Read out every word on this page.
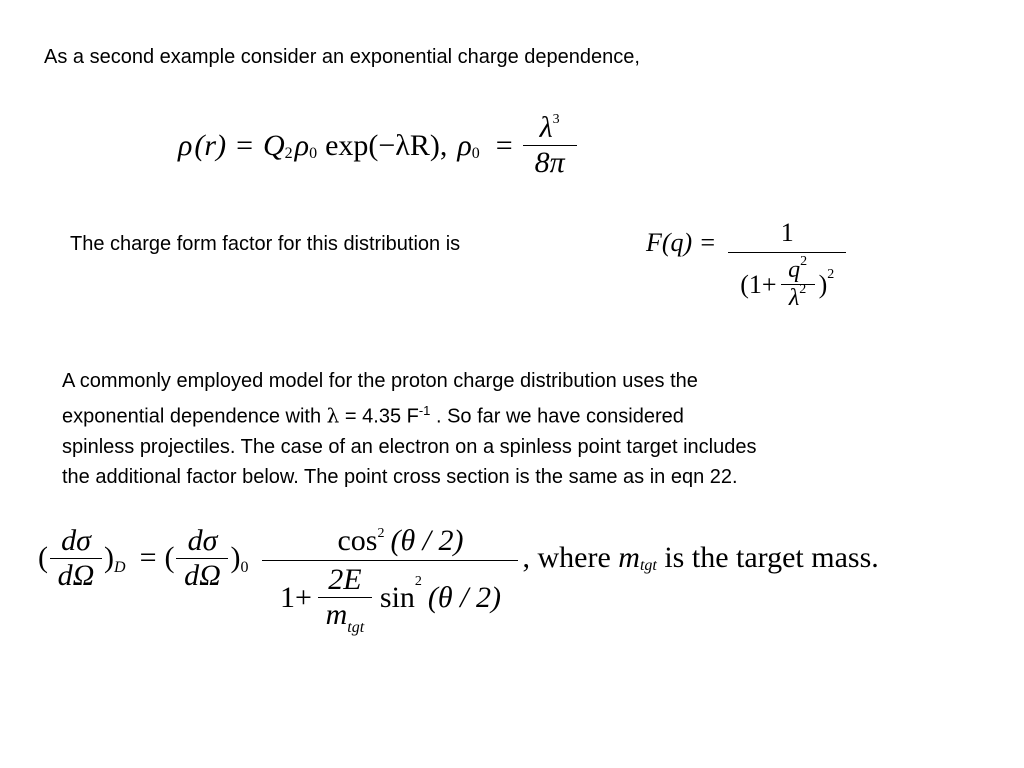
As a second example consider an exponential charge dependence,

ρ (r) = Q 2 ρ 0 exp(−λR), ρ $0 = \frac{\lambda^3}{8\pi}$

The charge form factor for this distribution is	$F(q) = \frac{1}{(1+ \frac{q^2}{\lambda^2} ) 2}$
A commonly employed model for the proton charge distribution uses the
exponential dependence with λ = 4.35 $F^{-1}$ . So far we have considered
spinless projectiles. The case of an electron on a spinless point target includes
the additional factor below. The point cross section is the same as in eqn 22.
( $\frac{d\sigma}{d\Omega}$ ) D = ( $\frac{d\sigma}{d\Omega}$ ) 0
cos 2 (θ / 2)
$1+ \frac{2E}{m_{tgt}}$ sin 2 (θ / 2)
, where m tgt is the target mass.
